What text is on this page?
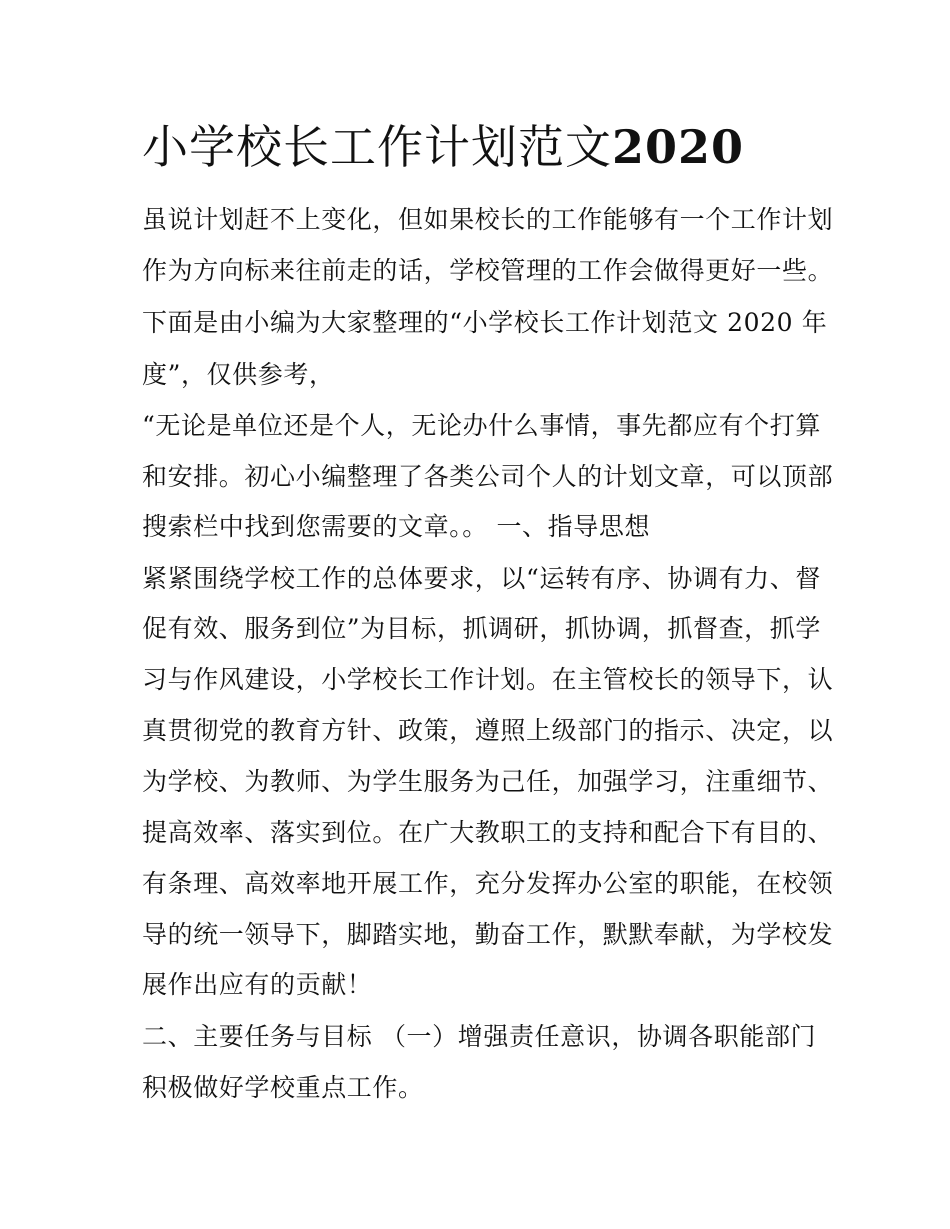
小学校长工作计划范文2020

虽说计划赶不上变化，但如果校长的工作能够有一个工作计划

作为方向标来往前走的话，学校管理的工作会做得更好一些。

下面是由小编为大家整理的“小学校长工作计划范文 2020 年

度”，仅供参考，

“无论是单位还是个人，无论办什么事情，事先都应有个打算

和安排。初心小编整理了各类公司个人的计划文章，可以顶部

搜索栏中找到您需要的文章。。 一、指导思想

紧紧围绕学校工作的总体要求，以“运转有序、协调有力、督

促有效、服务到位”为目标，抓调研，抓协调，抓督查，抓学

习与作风建设，小学校长工作计划。在主管校长的领导下，认

真贯彻党的教育方针、政策，遵照上级部门的指示、决定，以

为学校、为教师、为学生服务为己任，加强学习，注重细节、

提高效率、落实到位。在广大教职工的支持和配合下有目的、

有条理、高效率地开展工作，充分发挥办公室的职能，在校领

导的统一领导下，脚踏实地，勤奋工作，默默奉献，为学校发

展作出应有的贡献！

二、主要任务与目标 （一）增强责任意识，协调各职能部门

积极做好学校重点工作。
